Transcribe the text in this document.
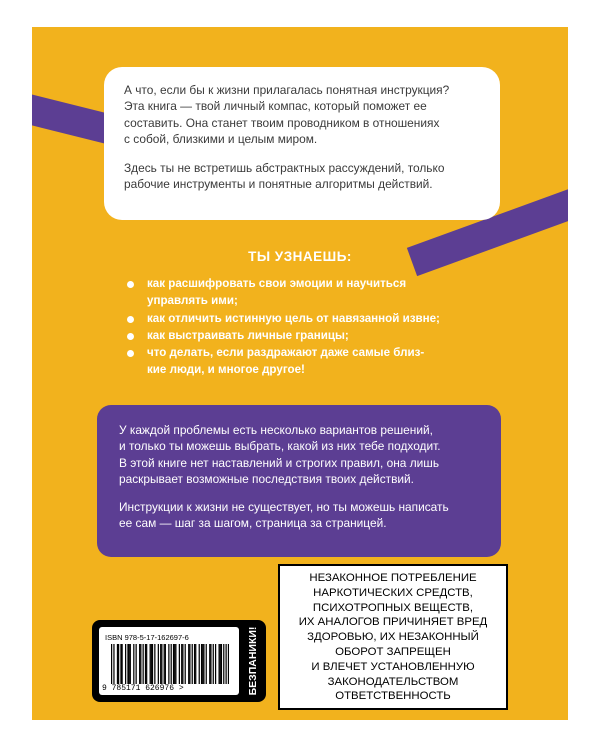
А что, если бы к жизни прилагалась понятная инструкция?
Эта книга — твой личный компас, который поможет ее
составить. Она станет твоим проводником в отношениях
с собой, близкими и целым миром.

Здесь ты не встретишь абстрактных рассуждений, только
рабочие инструменты и понятные алгоритмы действий.

ТЫ УЗНАЕШЬ:
как расшифровать свои эмоции и научиться
управлять ими;
как отличить истинную цель от навязанной извне;
как выстраивать личные границы;
что делать, если раздражают даже самые близ-
кие люди, и многое другое!

У каждой проблемы есть несколько вариантов решений,
и только ты можешь выбрать, какой из них тебе подходит.
В этой книге нет наставлений и строгих правил, она лишь
раскрывает возможные последствия твоих действий.

Инструкции к жизни не существует, но ты можешь написать
ее сам — шаг за шагом, страница за страницей.

ISBN 978-5-17-162697-6
9 785171 626976 >	БЕЗПАНИКИ!
НЕЗАКОННОЕ ПОТРЕБЛЕНИЕ
НАРКОТИЧЕСКИХ СРЕДСТВ,
ПСИХОТРОПНЫХ ВЕЩЕСТВ,
ИХ АНАЛОГОВ ПРИЧИНЯЕТ ВРЕД
ЗДОРОВЬЮ, ИХ НЕЗАКОННЫЙ
ОБОРОТ ЗАПРЕЩЕН
И ВЛЕЧЕТ УСТАНОВЛЕННУЮ
ЗАКОНОДАТЕЛЬСТВОМ
ОТВЕТСТВЕННОСТЬ
